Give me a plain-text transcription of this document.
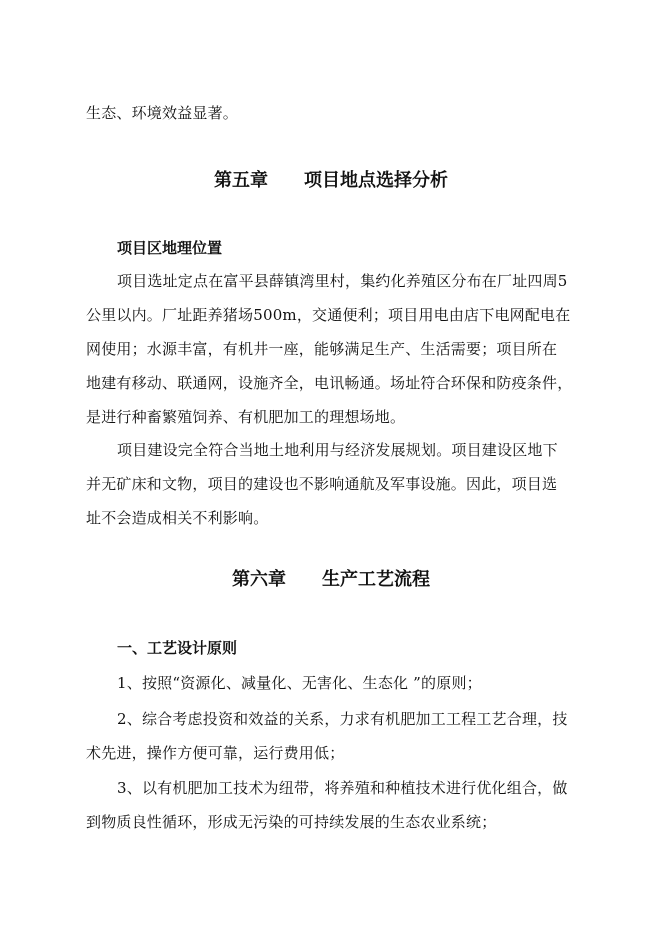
生态、环境效益显著。
第五章　　项目地点选择分析
项目区地理位置
项目选址定点在富平县薛镇湾里村，集约化养殖区分布在厂址四周5
公里以内。厂址距养猪场500m，交通便利；项目用电由店下电网配电在
网使用；水源丰富，有机井一座，能够满足生产、生活需要；项目所在
地建有移动、联通网，设施齐全，电讯畅通。场址符合环保和防疫条件，
是进行种畜繁殖饲养、有机肥加工的理想场地。
项目建设完全符合当地土地利用与经济发展规划。项目建设区地下
并无矿床和文物，项目的建设也不影响通航及军事设施。因此，项目选
址不会造成相关不利影响。
第六章　　生产工艺流程
一、工艺设计原则
1、按照“资源化、减量化、无害化、生态化 ”的原则；
2、综合考虑投资和效益的关系，力求有机肥加工工程工艺合理，技
术先进，操作方便可靠，运行费用低；
3、以有机肥加工技术为纽带，将养殖和种植技术进行优化组合，做
到物质良性循环，形成无污染的可持续发展的生态农业系统；
